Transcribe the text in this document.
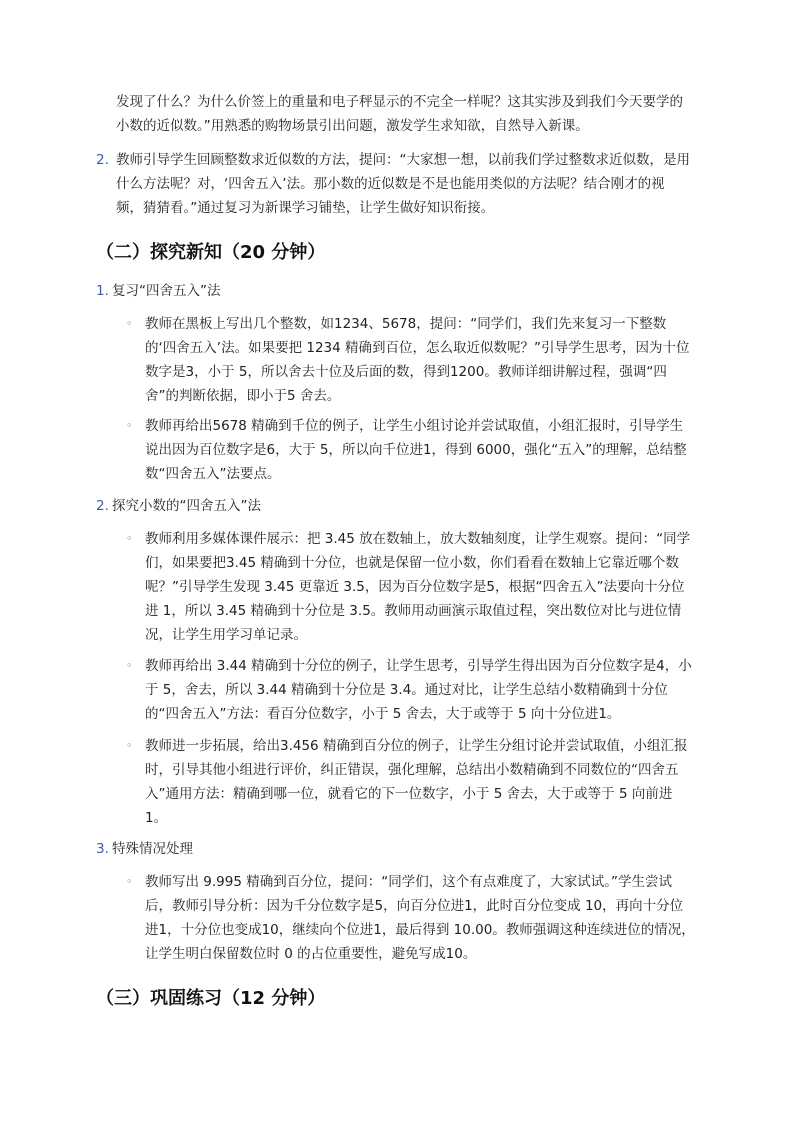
发现了什么？为什么价签上的重量和电子秤显示的不完全一样呢？这其实涉及到我们今天要学的小数的近似数。”用熟悉的购物场景引出问题，激发学生求知欲，自然导入新课。

2. 教师引导学生回顾整数求近似数的方法，提问：“大家想一想，以前我们学过整数求近似数，是用什么方法呢？对，‘四舍五入’法。那小数的近似数是不是也能用类似的方法呢？结合刚才的视频，猜猜看。”通过复习为新课学习铺垫，让学生做好知识衔接。

（二）探究新知（20 分钟）

1. 复习“四舍五入”法

◦ 教师在黑板上写出几个整数，如1234、5678，提问：“同学们，我们先来复习一下整数的‘四舍五入’法。如果要把 1234 精确到百位，怎么取近似数呢？”引导学生思考，因为十位数字是3，小于 5，所以舍去十位及后面的数，得到1200。教师详细讲解过程，强调“四舍”的判断依据，即小于5 舍去。

◦ 教师再给出5678 精确到千位的例子，让学生小组讨论并尝试取值，小组汇报时，引导学生说出因为百位数字是6，大于 5，所以向千位进1，得到 6000，强化“五入”的理解，总结整数“四舍五入”法要点。

2. 探究小数的“四舍五入”法

◦ 教师利用多媒体课件展示：把 3.45 放在数轴上，放大数轴刻度，让学生观察。提问：“同学们，如果要把3.45 精确到十分位，也就是保留一位小数，你们看看在数轴上它靠近哪个数呢？”引导学生发现 3.45 更靠近 3.5，因为百分位数字是5，根据“四舍五入”法要向十分位进 1，所以 3.45 精确到十分位是 3.5。教师用动画演示取值过程，突出数位对比与进位情况，让学生用学习单记录。

◦ 教师再给出 3.44 精确到十分位的例子，让学生思考，引导学生得出因为百分位数字是4，小于 5，舍去，所以 3.44 精确到十分位是 3.4。通过对比，让学生总结小数精确到十分位的“四舍五入”方法：看百分位数字，小于 5 舍去，大于或等于 5 向十分位进1。

◦ 教师进一步拓展，给出3.456 精确到百分位的例子，让学生分组讨论并尝试取值，小组汇报时，引导其他小组进行评价，纠正错误，强化理解，总结出小数精确到不同数位的“四舍五入”通用方法：精确到哪一位，就看它的下一位数字，小于 5 舍去，大于或等于 5 向前进 1。

3. 特殊情况处理

◦ 教师写出 9.995 精确到百分位，提问：“同学们，这个有点难度了，大家试试。”学生尝试后，教师引导分析：因为千分位数字是5，向百分位进1，此时百分位变成 10，再向十分位进1，十分位也变成10，继续向个位进1，最后得到 10.00。教师强调这种连续进位的情况，让学生明白保留数位时 0 的占位重要性，避免写成10。

（三）巩固练习（12 分钟）
